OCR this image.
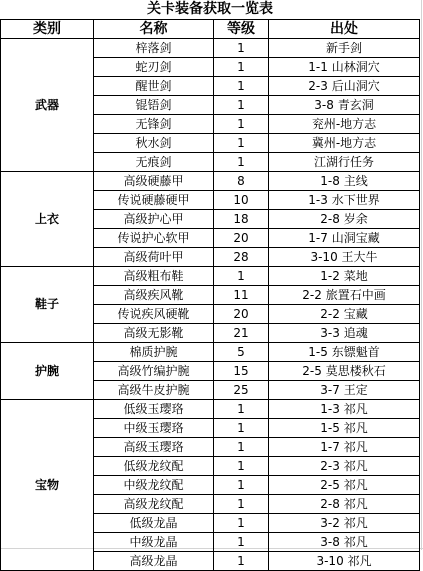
关卡装备获取一览表			
类别	名称	等级	出处
武器	梓落剑	1	新手剑
	蛇刃剑	1	1-1 山林洞穴
	醒世剑	1	2-3 后山洞穴
	锟铻剑	1	3-8 青玄洞
	无锋剑	1	兖州-地方志
	秋水剑	1	冀州-地方志
	无痕剑	1	江湖行任务
上衣	高级硬藤甲	8	1-8 主线
	传说硬藤硬甲	10	1-3 水下世界
	高级护心甲	18	2-8 岁余
	传说护心软甲	20	1-7 山洞宝藏
	高级荷叶甲	28	3-10 王大牛
鞋子	高级粗布鞋	1	1-2 菜地
	高级疾风靴	11	2-2 旅置石中画
	传说疾风硬靴	20	2-2 宝藏
	高级无影靴	21	3-3 追魂
护腕	棉质护腕	5	1-5 东镖魁首
	高级竹编护腕	15	2-5 莫思楼秋石
	高级牛皮护腕	25	3-7 王定
宝物	低级玉璎珞	1	1-3 祁凡
	中级玉璎珞	1	1-5 祁凡
	高级玉璎珞	1	1-7 祁凡
	低级龙纹配	1	2-3 祁凡
	中级龙纹配	1	2-5 祁凡
	高级龙纹配	1	2-8 祁凡
	低级龙晶	1	3-2 祁凡
	中级龙晶	1	3-8 祁凡
	高级龙晶	1	3-10 祁凡
